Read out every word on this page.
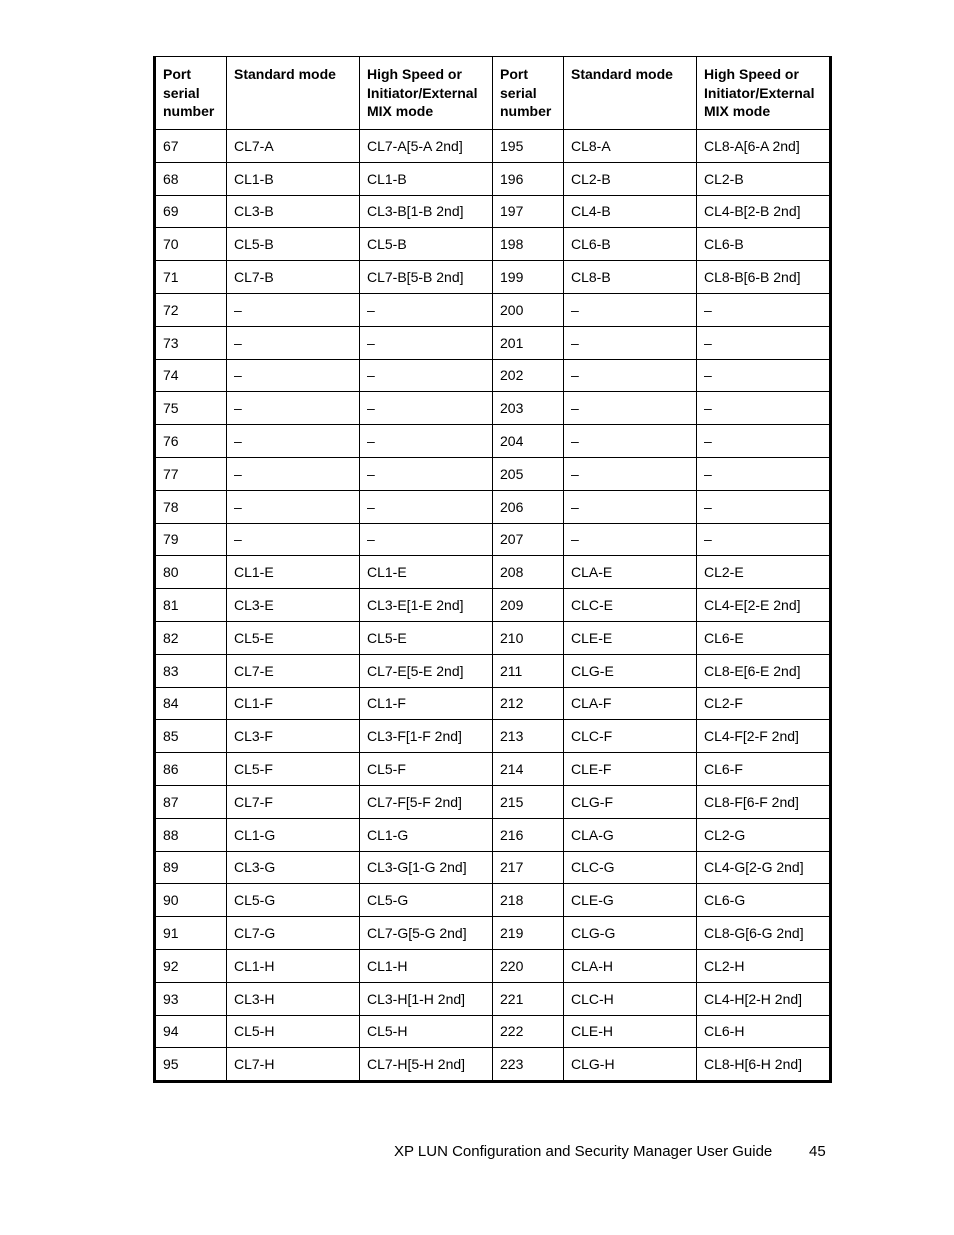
Port serial number	Standard mode	High Speed or Initiator/External MIX mode	Port serial number	Standard mode	High Speed or Initiator/External MIX mode
67	CL7-A	CL7-A[5-A 2nd]	195	CL8-A	CL8-A[6-A 2nd]
68	CL1-B	CL1-B	196	CL2-B	CL2-B
69	CL3-B	CL3-B[1-B 2nd]	197	CL4-B	CL4-B[2-B 2nd]
70	CL5-B	CL5-B	198	CL6-B	CL6-B
71	CL7-B	CL7-B[5-B 2nd]	199	CL8-B	CL8-B[6-B 2nd]
72	–	–	200	–	–
73	–	–	201	–	–
74	–	–	202	–	–
75	–	–	203	–	–
76	–	–	204	–	–
77	–	–	205	–	–
78	–	–	206	–	–
79	–	–	207	–	–
80	CL1-E	CL1-E	208	CLA-E	CL2-E
81	CL3-E	CL3-E[1-E 2nd]	209	CLC-E	CL4-E[2-E 2nd]
82	CL5-E	CL5-E	210	CLE-E	CL6-E
83	CL7-E	CL7-E[5-E 2nd]	211	CLG-E	CL8-E[6-E 2nd]
84	CL1-F	CL1-F	212	CLA-F	CL2-F
85	CL3-F	CL3-F[1-F 2nd]	213	CLC-F	CL4-F[2-F 2nd]
86	CL5-F	CL5-F	214	CLE-F	CL6-F
87	CL7-F	CL7-F[5-F 2nd]	215	CLG-F	CL8-F[6-F 2nd]
88	CL1-G	CL1-G	216	CLA-G	CL2-G
89	CL3-G	CL3-G[1-G 2nd]	217	CLC-G	CL4-G[2-G 2nd]
90	CL5-G	CL5-G	218	CLE-G	CL6-G
91	CL7-G	CL7-G[5-G 2nd]	219	CLG-G	CL8-G[6-G 2nd]
92	CL1-H	CL1-H	220	CLA-H	CL2-H
93	CL3-H	CL3-H[1-H 2nd]	221	CLC-H	CL4-H[2-H 2nd]
94	CL5-H	CL5-H	222	CLE-H	CL6-H
95	CL7-H	CL7-H[5-H 2nd]	223	CLG-H	CL8-H[6-H 2nd]
XP LUN Configuration and Security Manager User Guide 45
